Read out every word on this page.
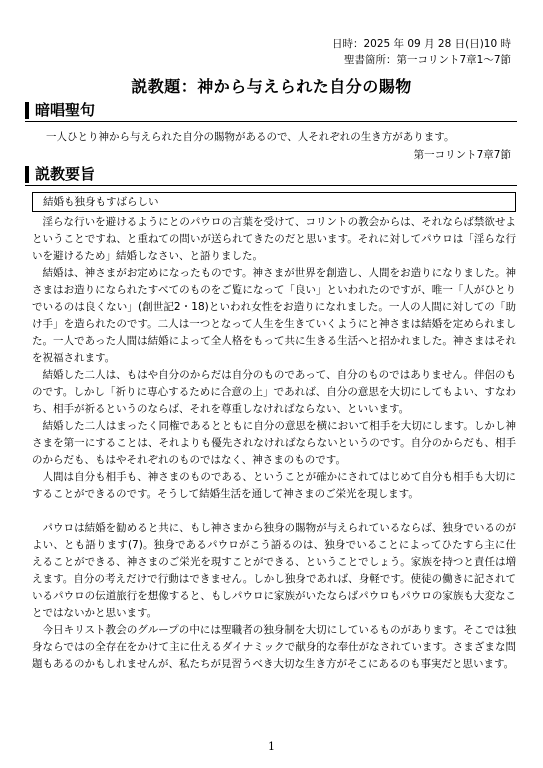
日時：2025 年 09 月 28 日(日)10 時
聖書箇所：第一コリント7章1～7節
説教題：神から与えられた自分の賜物
暗唱聖句
一人ひとり神から与えられた自分の賜物があるので、人それぞれの生き方があります。
第一コリント7章7節
説教要旨
結婚も独身もすばらしい

淫らな行いを避けるようにとのパウロの言葉を受けて、コリントの教会からは、それならば禁欲せよということですね、と重ねての問いが送られてきたのだと思います。それに対してパウロは「淫らな行いを避けるため」結婚しなさい、と語りました。

結婚は、神さまがお定めになったものです。神さまが世界を創造し、人間をお造りになりました。神さまはお造りになられたすべてのものをご覧になって「良い」といわれたのですが、唯一「人がひとりでいるのは良くない」(創世記2・18)といわれ女性をお造りになれました。一人の人間に対しての「助け手」を造られたのです。二人は一つとなって人生を生きていくようにと神さまは結婚を定められました。一人であった人間は結婚によって全人格をもって共に生きる生活へと招かれました。神さまはそれを祝福されます。

結婚した二人は、もはや自分のからだは自分のものであって、自分のものではありません。伴侶のものです。しかし「祈りに専心するために合意の上」であれば、自分の意思を大切にしてもよい、すなわち、相手が祈るというのならば、それを尊重しなければならない、といいます。

結婚した二人はまったく同権であるとともに自分の意思を横において相手を大切にします。しかし神さまを第一にすることは、それよりも優先されなければならないというのです。自分のからだも、相手のからだも、もはやそれぞれのものではなく、神さまのものです。

人間は自分も相手も、神さまのものである、ということが確かにされてはじめて自分も相手も大切にすることができるのです。そうして結婚生活を通して神さまのご栄光を現します。

パウロは結婚を勧めると共に、もし神さまから独身の賜物が与えられているならば、独身でいるのがよい、とも語ります(7)。独身であるパウロがこう語るのは、独身でいることによってひたすら主に仕えることができる、神さまのご栄光を現すことができる、ということでしょう。家族を持つと責任は増えます。自分の考えだけで行動はできません。しかし独身であれば、身軽です。使徒の働きに記されているパウロの伝道旅行を想像すると、もしパウロに家族がいたならばパウロもパウロの家族も大変なことではないかと思います。

今日キリスト教会のグループの中には聖職者の独身制を大切にしているものがあります。そこでは独身ならではの全存在をかけて主に仕えるダイナミックで献身的な奉仕がなされています。さまざまな問題もあるのかもしれませんが、私たちが見習うべき大切な生き方がそこにあるのも事実だと思います。

1
